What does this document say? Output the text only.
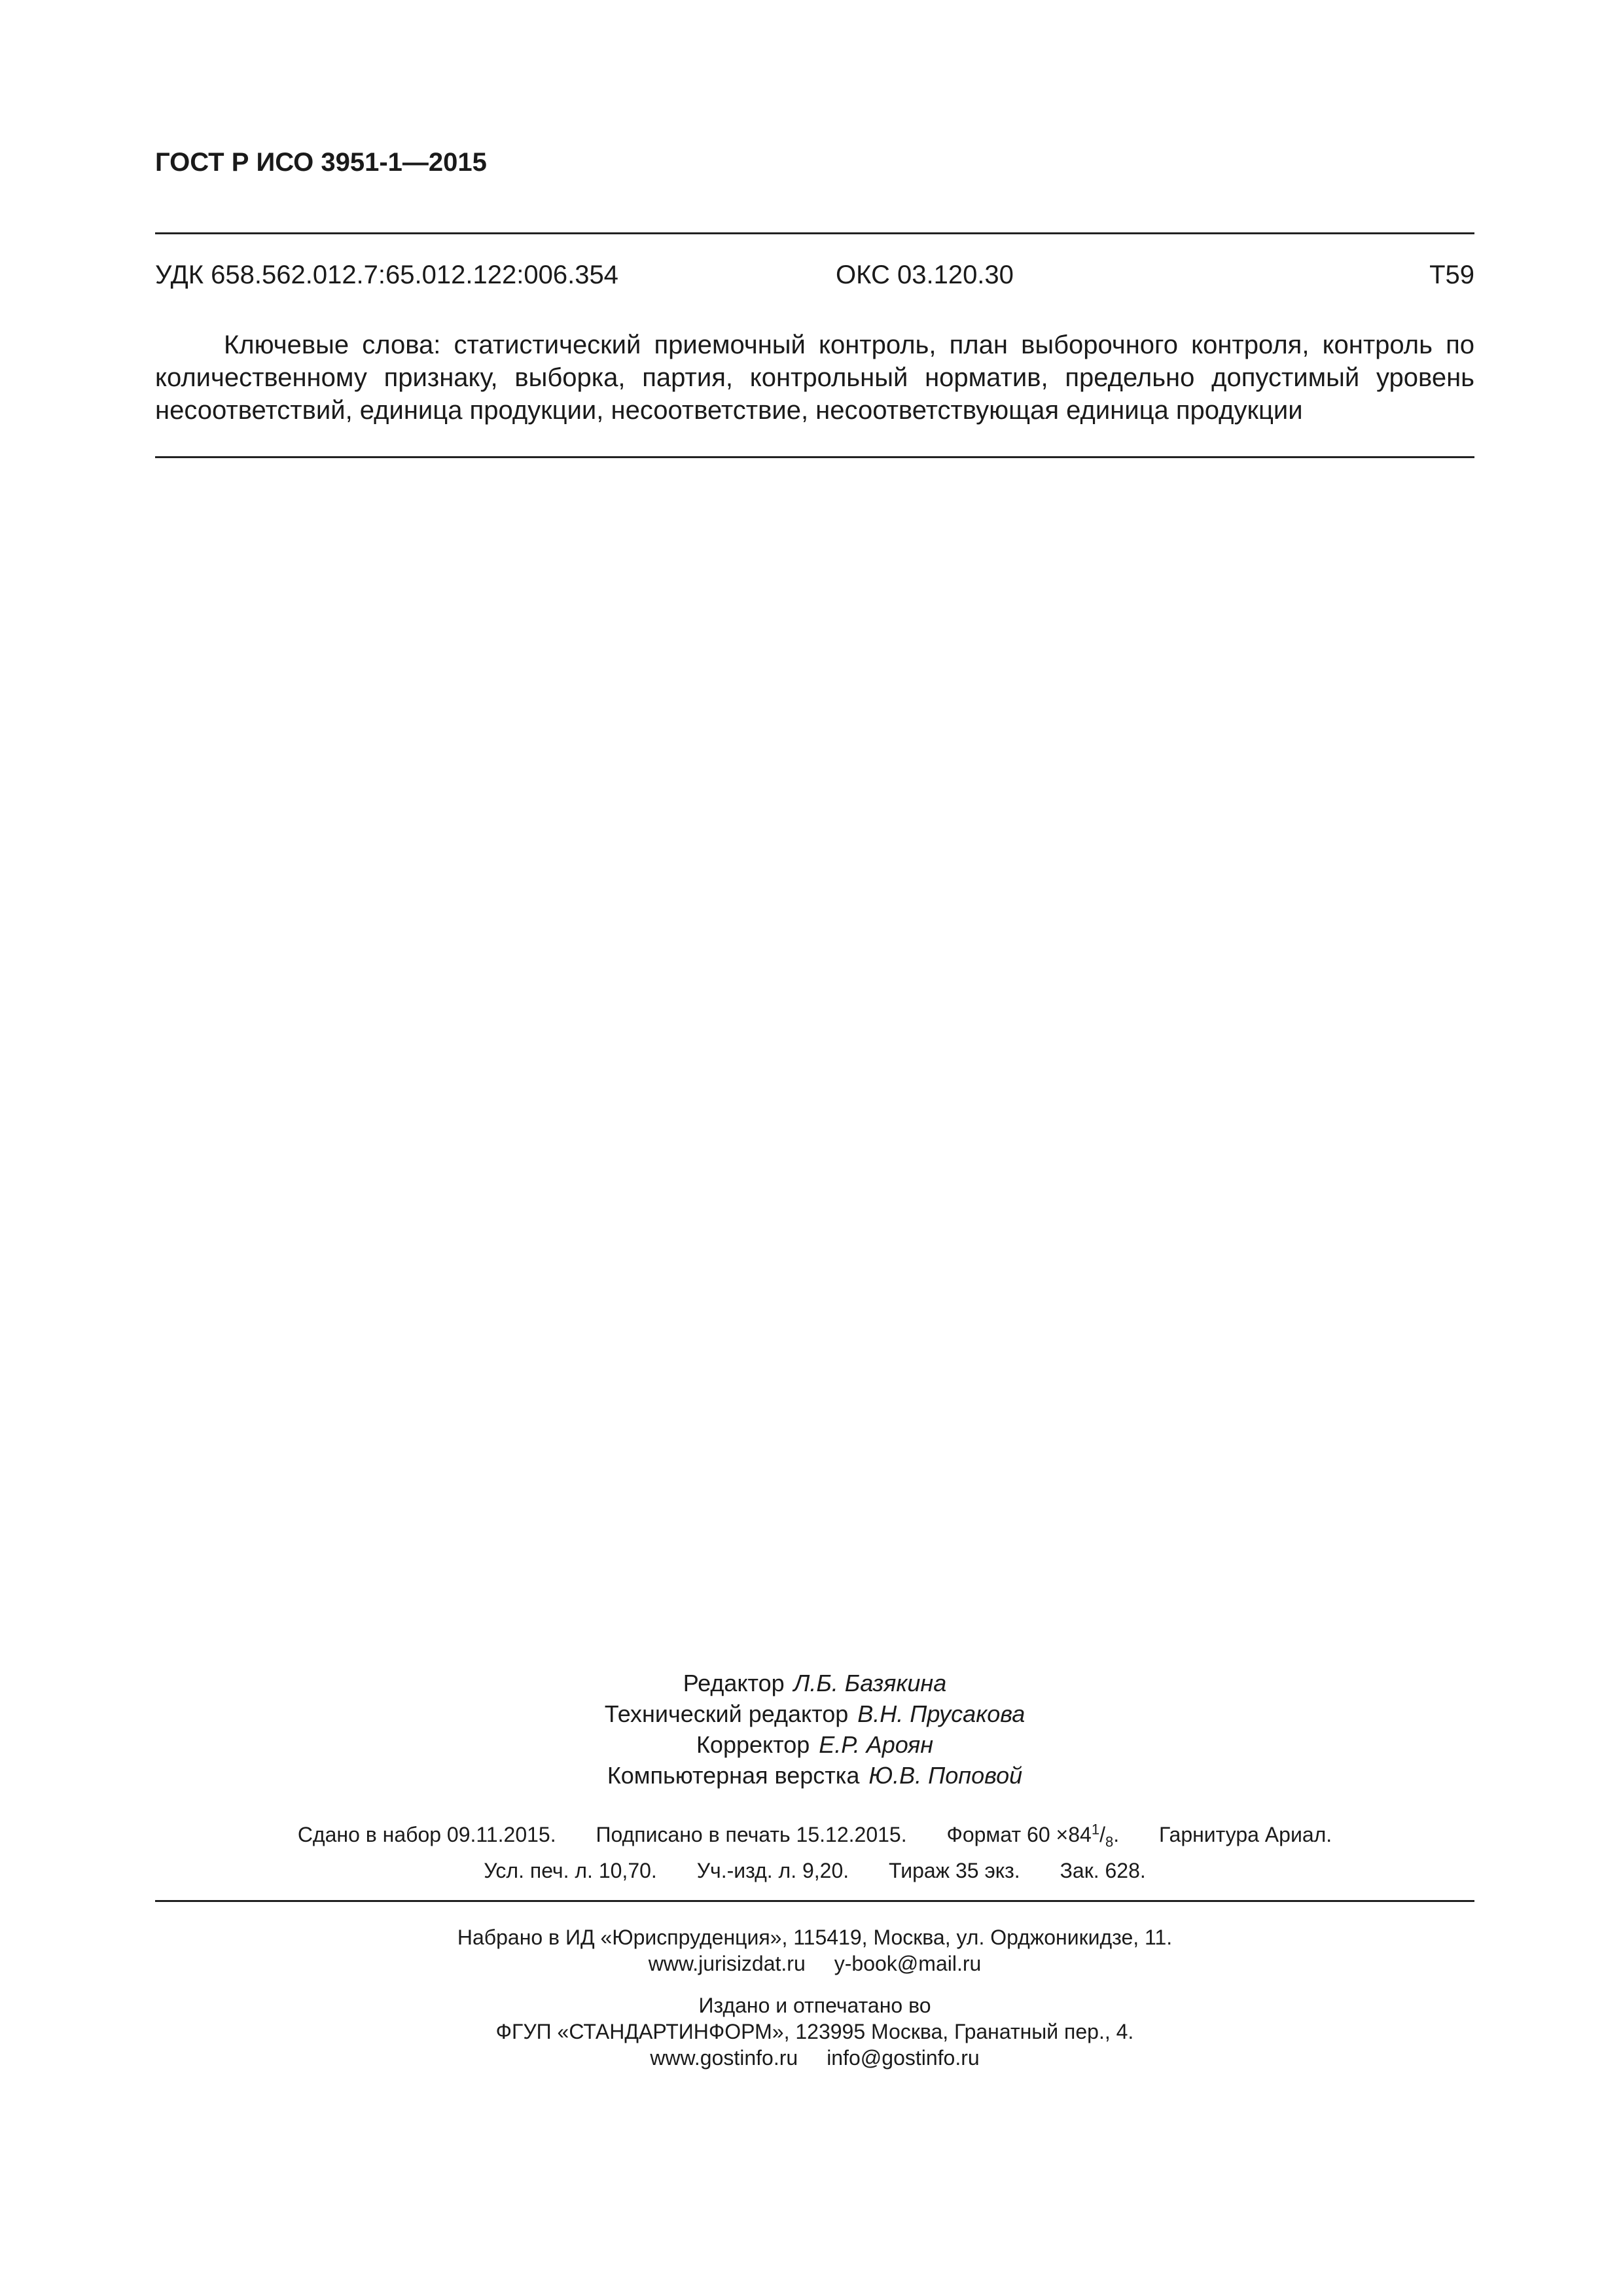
ГОСТ Р ИСО 3951-1—2015
УДК 658.562.012.7:65.012.122:006.354	ОКС 03.120.30	Т59
Ключевые слова: статистический приемочный контроль, план выборочного контроля, контроль по количественному признаку, выборка, партия, контрольный норматив, предельно допустимый уровень несоответствий, единица продукции, несоответствие, несоответствующая единица продукции
Редактор Л.Б. Базякина
Технический редактор В.Н. Прусакова
Корректор Е.Р. Ароян
Компьютерная верстка Ю.В. Поповой
Сдано в набор 09.11.2015. Подписано в печать 15.12.2015. Формат $60 \times 84^1/_8$. Гарнитура Ариал.
Усл. печ. л. 10,70. Уч.-изд. л. 9,20. Тираж 35 экз. Зак. 628.
Набрано в ИД «Юриспруденция», 115419, Москва, ул. Орджоникидзе, 11.
www.jurisizdat.ru y-book@mail.ru
Издано и отпечатано во
ФГУП «СТАНДАРТИНФОРМ», 123995 Москва, Гранатный пер., 4.
www.gostinfo.ru info@gostinfo.ru
